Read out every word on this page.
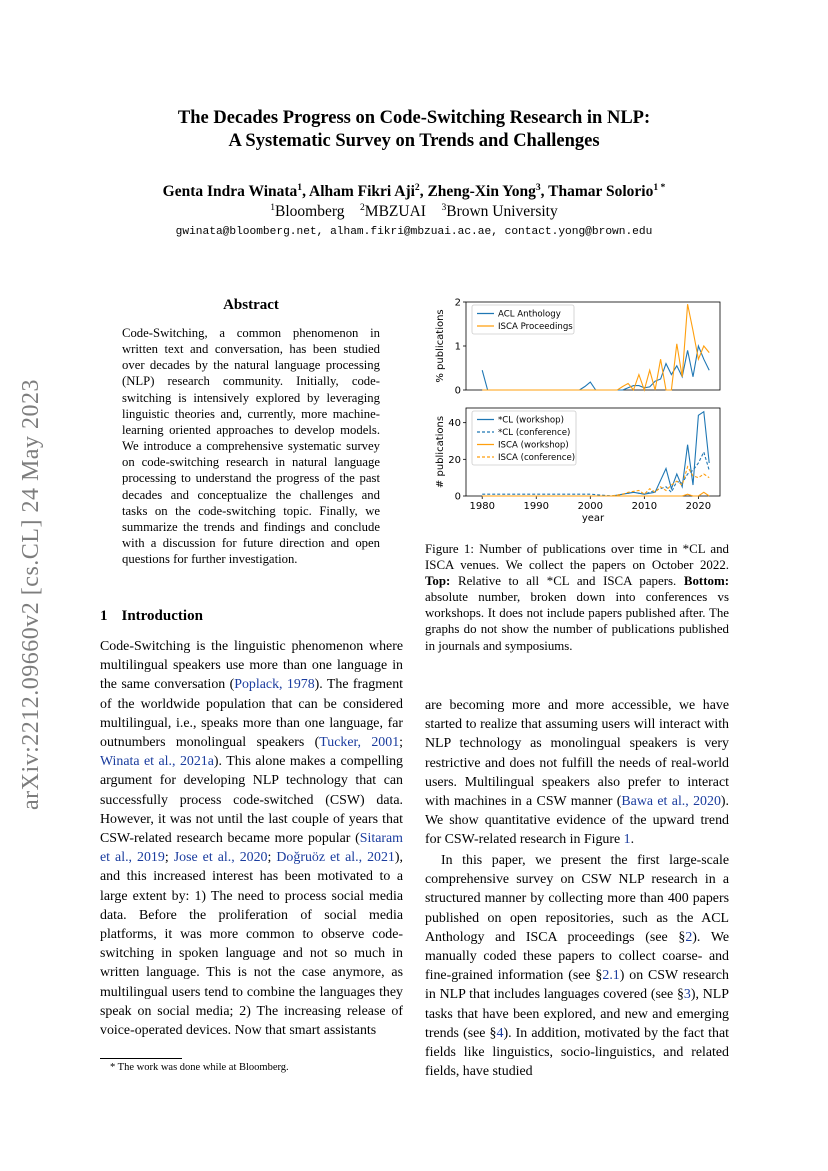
arXiv:2212.09660v2 [cs.CL] 24 May 2023
The Decades Progress on Code-Switching Research in NLP:
A Systematic Survey on Trends and Challenges
Genta Indra Winata$^1$, Alham Fikri Aji$^2$, Zheng-Xin Yong$^3$, Thamar Solorio$^{1 *}$
$^1$Bloomberg $^2$MBZUAI $^3$Brown University
gwinata@bloomberg.net, alham.fikri@mbzuai.ac.ae, contact.yong@brown.edu
Abstract
Code-Switching, a common phenomenon in written text and conversation, has been studied over decades by the natural language processing (NLP) research community. Initially, code-switching is intensively explored by leveraging linguistic theories and, currently, more machine-learning oriented approaches to develop models. We introduce a comprehensive systematic survey on code-switching research in natural language processing to understand the progress of the past decades and conceptualize the challenges and tasks on the code-switching topic. Finally, we summarize the trends and findings and conclude with a discussion for future direction and open questions for further investigation.
1 Introduction
Code-Switching is the linguistic phenomenon where multilingual speakers use more than one language in the same conversation (Poplack, 1978). The fragment of the worldwide population that can be considered multilingual, i.e., speaks more than one language, far outnumbers monolingual speakers (Tucker, 2001; Winata et al., 2021a). This alone makes a compelling argument for developing NLP technology that can successfully process code-switched (CSW) data. However, it was not until the last couple of years that CSW-related research became more popular (Sitaram et al., 2019; Jose et al., 2020; Doğruöz et al., 2021), and this increased interest has been motivated to a large extent by: 1) The need to process social media data. Before the proliferation of social media platforms, it was more common to observe code-switching in spoken language and not so much in written language. This is not the case anymore, as multilingual users tend to combine the languages they speak on social media; 2) The increasing release of voice-operated devices. Now that smart assistants
are becoming more and more accessible, we have started to realize that assuming users will interact with NLP technology as monolingual speakers is very restrictive and does not fulfill the needs of real-world users. Multilingual speakers also prefer to interact with machines in a CSW manner (Bawa et al., 2020). We show quantitative evidence of the upward trend for CSW-related research in Figure 1.
In this paper, we present the first large-scale comprehensive survey on CSW NLP research in a structured manner by collecting more than 400 papers published on open repositories, such as the ACL Anthology and ISCA proceedings (see §2). We manually coded these papers to collect coarse- and fine-grained information (see §2.1) on CSW research in NLP that includes languages covered (see §3), NLP tasks that have been explored, and new and emerging trends (see §4). In addition, motivated by the fact that fields like linguistics, socio-linguistics, and related fields, have studied
* The work was done while at Bloomberg.
0
1
2
% publications	ACL Anthology
ISCA Proceedings
0
20
40
1980	1990	2000	2010	2020
# publications
year
*CL (workshop)
*CL (conference)
ISCA (workshop)
ISCA (conference)
Figure 1: Number of publications over time in *CL and ISCA venues. We collect the papers on October 2022. Top: Relative to all *CL and ISCA papers. Bottom: absolute number, broken down into conferences vs workshops. It does not include papers published after. The graphs do not show the number of publications published in journals and symposiums.
